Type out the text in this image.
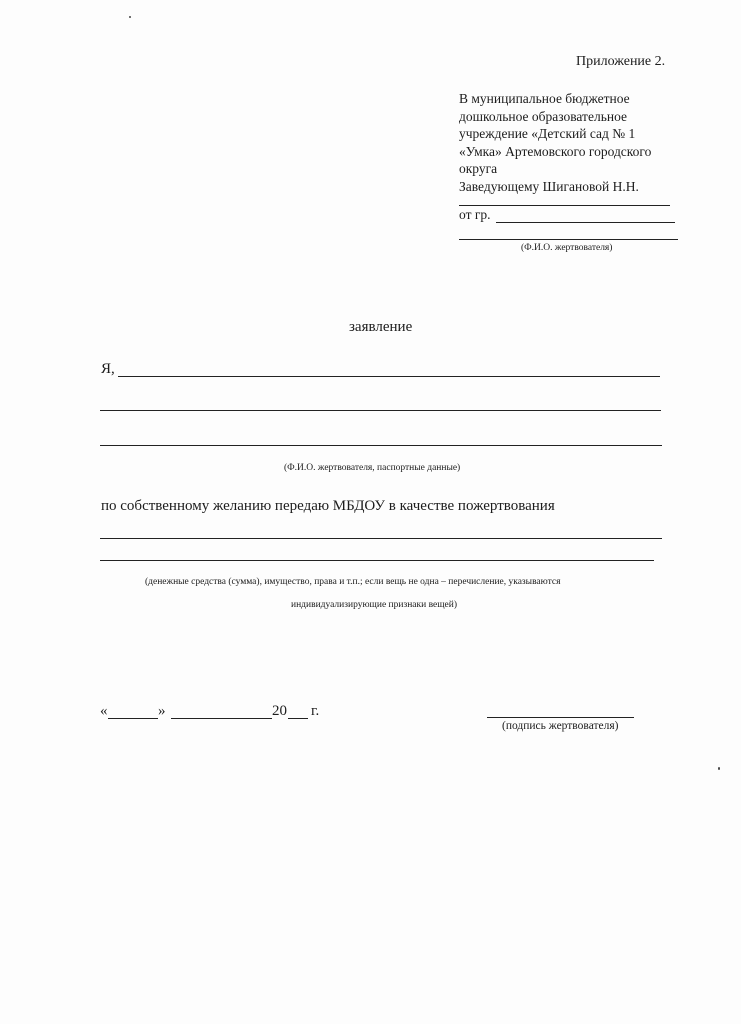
Приложение 2.
В муниципальное бюджетное
дошкольное образовательное
учреждение «Детский сад № 1
«Умка» Артемовского городского
округа
Заведующему Шигановой Н.Н.
от гр.
(Ф.И.О. жертвователя)
заявление
Я,
(Ф.И.О. жертвователя, паспортные данные)
по собственному желанию передаю МБДОУ в качестве пожертвования
(денежные средства (сумма), имущество, права и т.п.; если вещь не одна – перечисление, указываются
индивидуализирующие признаки вещей)
«	»	20 г.
(подпись жертвователя)
